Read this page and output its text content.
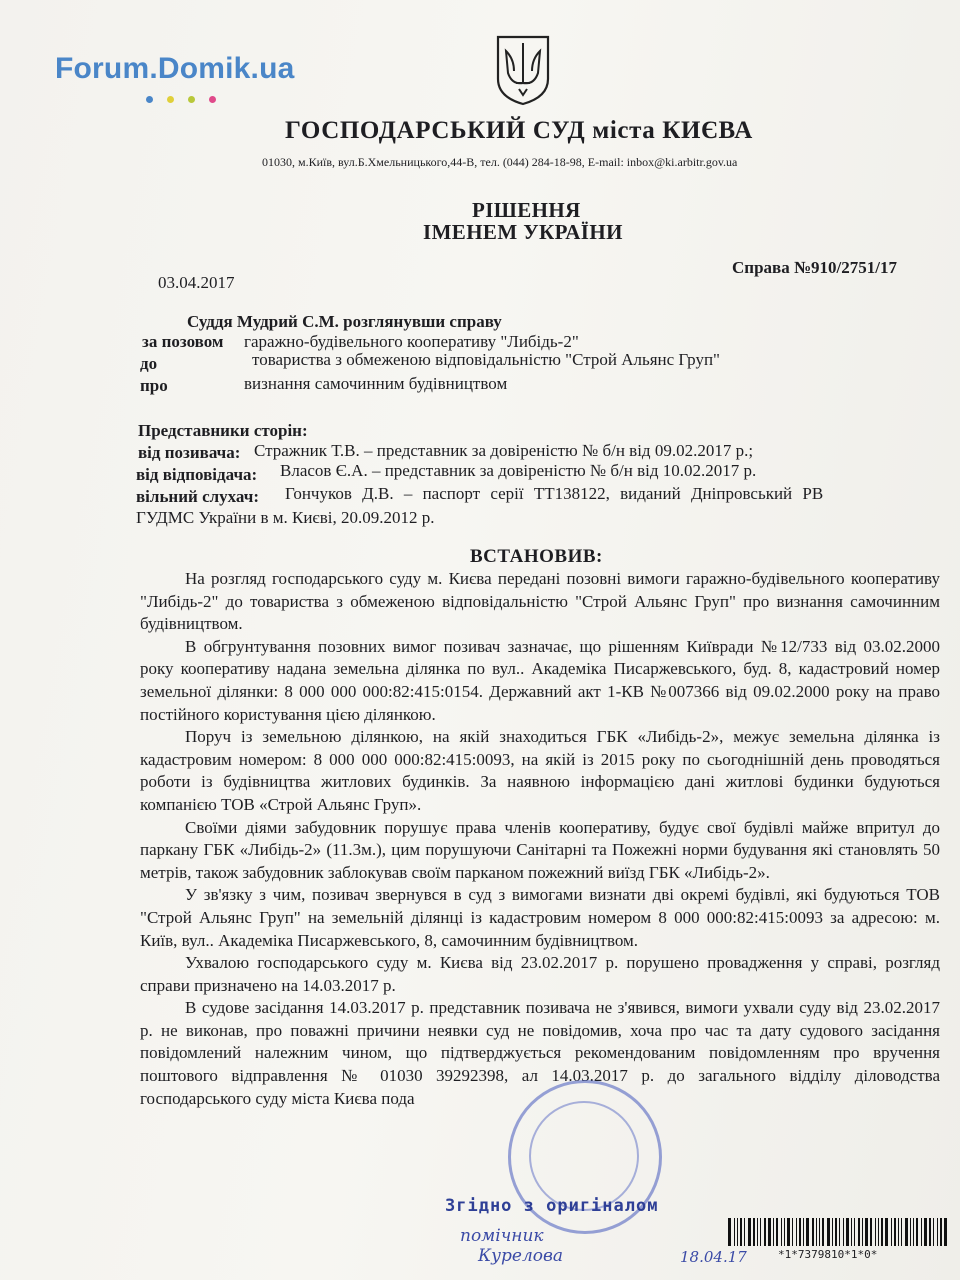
Forum.Domik.ua
ГОСПОДАРСЬКИЙ СУД міста КИЄВА
01030, м.Київ, вул.Б.Хмельницького,44-В, тел. (044) 284-18-98, E-mail: inbox@ki.arbitr.gov.ua
РІШЕННЯ
ІМЕНЕМ УКРАЇНИ
03.04.2017
Справа №910/2751/17
Суддя Мудрий С.М. розглянувши справу
за позовом гаражно-будівельного кооперативу "Либідь-2"
до	товариства з обмеженою відповідальністю "Строй Альянс Груп"
про	визнання самочинним будівництвом
Представники сторін:
від позивача: Стражник Т.В. – представник за довіреністю № б/н від 09.02.2017 р.;
від відповідача: Власов Є.А. – представник за довіреністю № б/н від 10.02.2017 р.
вільний слухач: Гончуков Д.В. – паспорт серії ТТ138122, виданий Дніпровський РВ
ГУДМС України в м. Києві, 20.09.2012 р.
ВСТАНОВИВ:

На розгляд господарського суду м. Києва передані позовні вимоги гаражно-будівельного кооперативу "Либідь-2" до товариства з обмеженою відповідальністю "Строй Альянс Груп" про визнання самочинним будівництвом.

В обгрунтування позовних вимог позивач зазначає, що рішенням Київради №12/733 від 03.02.2000 року кооперативу надана земельна ділянка по вул.. Академіка Писаржевського, буд. 8, кадастровий номер земельної ділянки: 8 000 000 000:82:415:0154. Державний акт 1-КВ №007366 від 09.02.2000 року на право постійного користування цією ділянкою.

Поруч із земельною ділянкою, на якій знаходиться ГБК «Либідь-2», межує земельна ділянка із кадастровим номером: 8 000 000 000:82:415:0093, на якій із 2015 року по сьогоднішній день проводяться роботи із будівництва житлових будинків. За наявною інформацією дані житлові будинки будуються компанією ТОВ «Строй Альянс Груп».

Своїми діями забудовник порушує права членів кооперативу, будує свої будівлі майже впритул до паркану ГБК «Либідь-2» (11.3м.), цим порушуючи Санітарні та Пожежні норми будування які становлять 50 метрів, також забудовник заблокував своїм парканом пожежний виїзд ГБК «Либідь-2».

У зв'язку з чим, позивач звернувся в суд з вимогами визнати дві окремі будівлі, які будуються ТОВ "Строй Альянс Груп" на земельній ділянці із кадастровим номером 8 000 000:82:415:0093 за адресою: м. Київ, вул.. Академіка Писаржевського, 8, самочинним будівництвом.

Ухвалою господарського суду м. Києва від 23.02.2017 р. порушено провадження у справі, розгляд справи призначено на 14.03.2017 р.

В судове засідання 14.03.2017 р. представник позивача не з'явився, вимоги ухвали суду від 23.02.2017 р. не виконав, про поважні причини неявки суд не повідомив, хоча про час та дату судового засідання повідомлений належним чином, що підтверджується рекомендованим повідомленням про вручення поштового відправлення № 01030 39292398, ал 14.03.2017 р. до загального відділу діловодства господарського суду міста Києва пода

Згідно з оригіналом
помічник
Курелова	18.04.17	*1*7379810*1*0*
